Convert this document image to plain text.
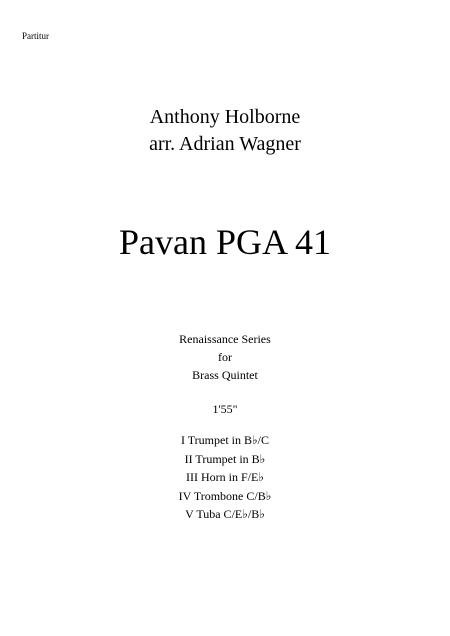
Partitur
Anthony Holborne
arr. Adrian Wagner
Pavan PGA 41
Renaissance Series
for
Brass Quintet
1'55"
I Trumpet in B♭/C
II Trumpet in B♭
III Horn in F/E♭
IV Trombone C/B♭
V Tuba C/E♭/B♭
